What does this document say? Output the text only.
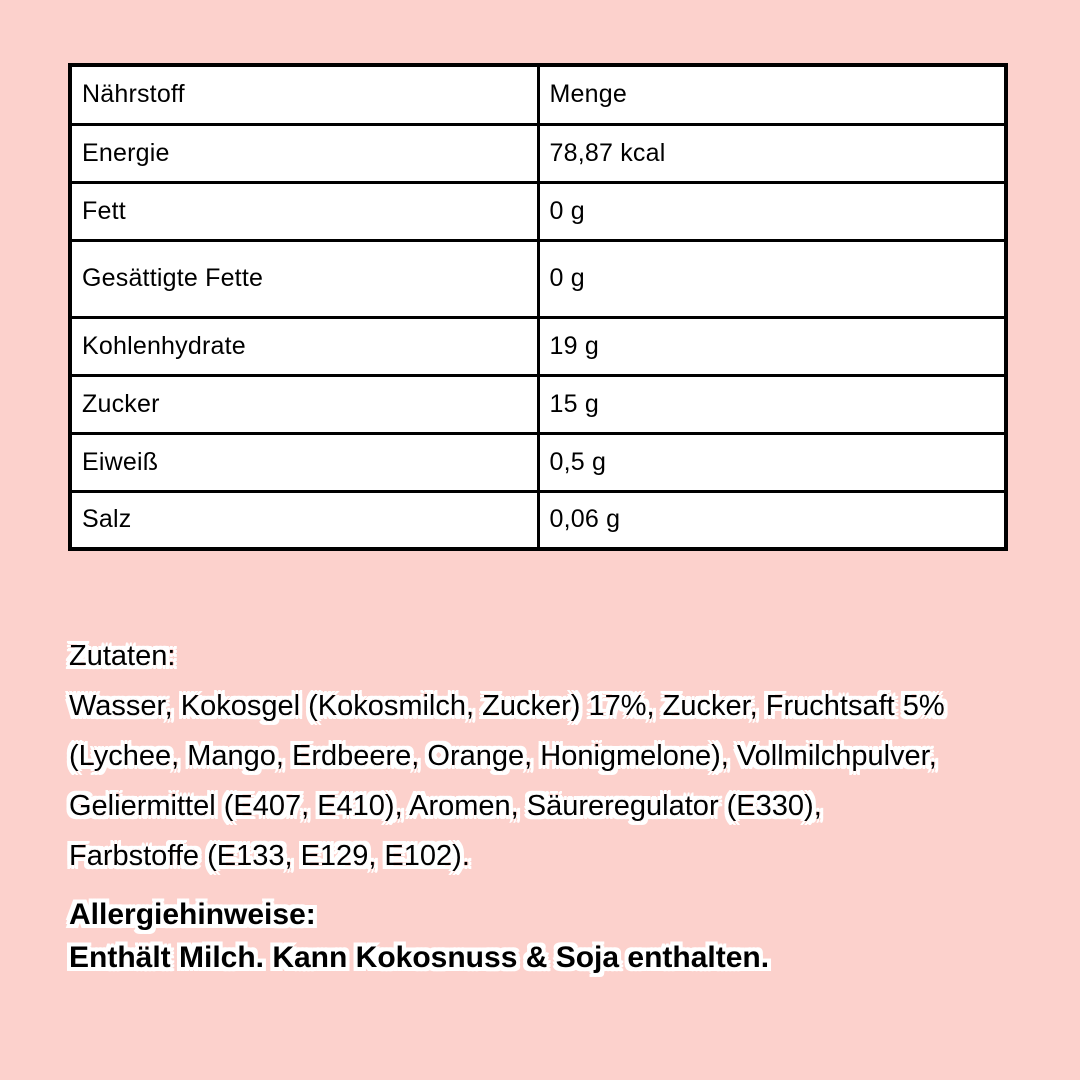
Nährstoff	Menge
Energie	78,87 kcal
Fett	0 g
Gesättigte Fette	0 g
Kohlenhydrate	19 g
Zucker	15 g
Eiweiß	0,5 g
Salz	0,06 g
Zutaten:
Wasser, Kokosgel (Kokosmilch, Zucker) 17%, Zucker, Fruchtsaft 5%
(Lychee, Mango, Erdbeere, Orange, Honigmelone), Vollmilchpulver,
Geliermittel (E407, E410), Aromen, Säureregulator (E330),
Farbstoffe (E133, E129, E102).
Allergiehinweise:
Enthält Milch. Kann Kokosnuss & Soja enthalten.
